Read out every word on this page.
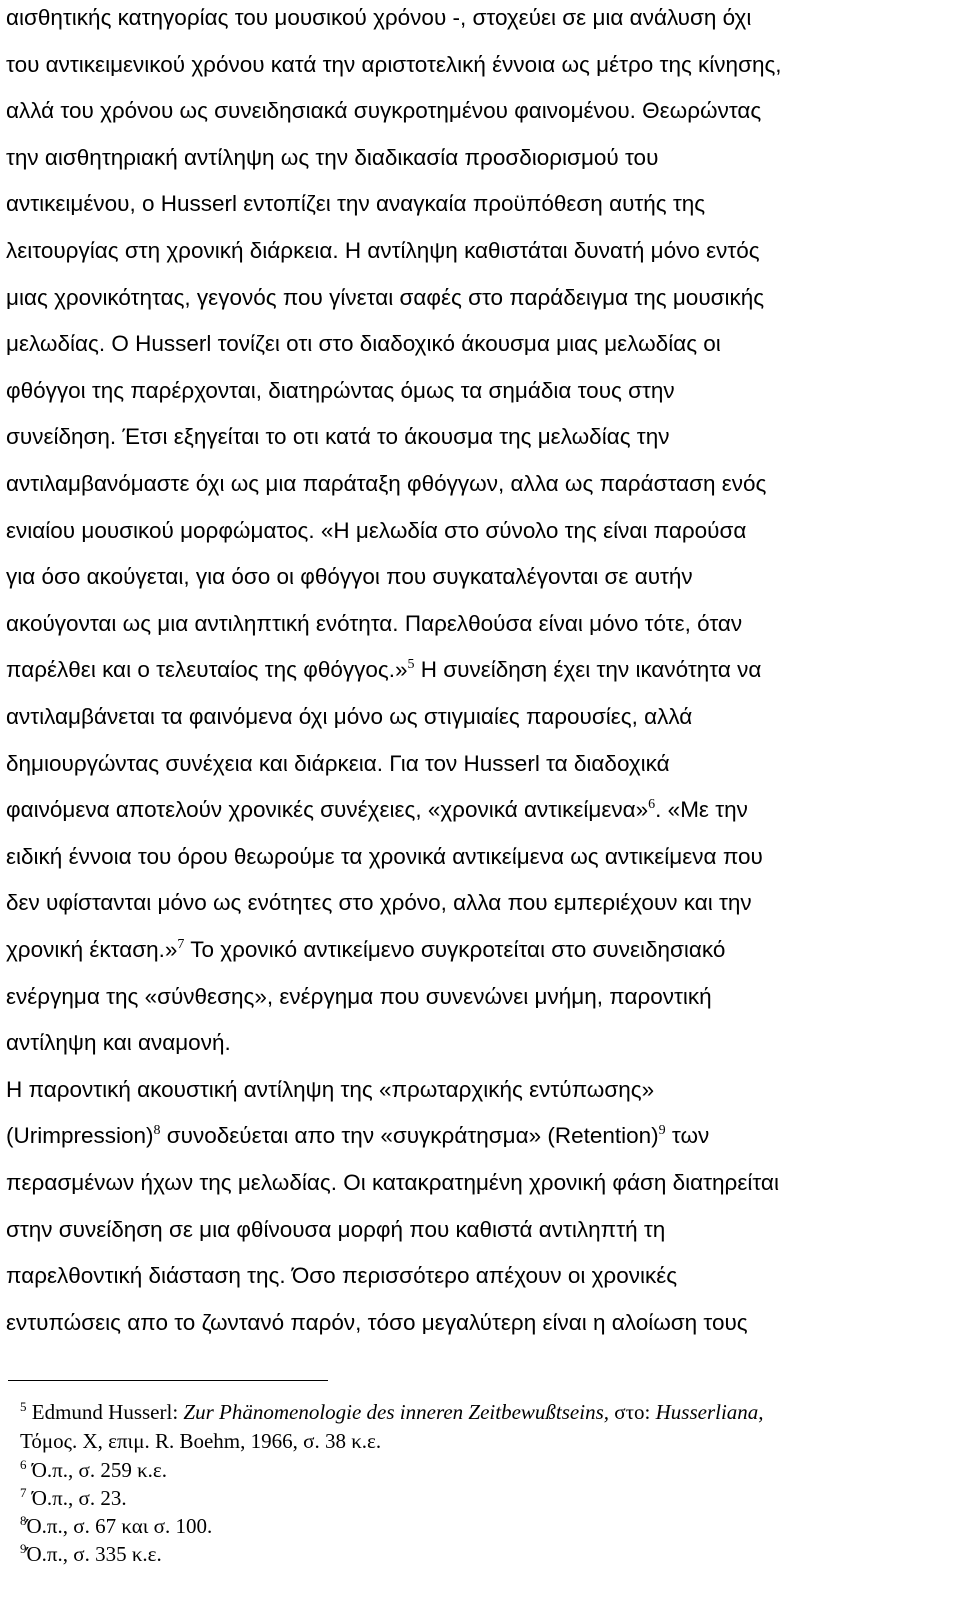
αισθητικής κατηγορίας του μουσικού χρόνου -, στοχεύει σε μια ανάλυση όχι
του αντικειμενικού χρόνου κατά την αριστοτελική έννοια ως μέτρο της κίνησης,
αλλά του χρόνου ως συνειδησιακά συγκροτημένου φαινομένου. Θεωρώντας
την αισθητηριακή αντίληψη ως την διαδικασία προσδιορισμού του
αντικειμένου, ο Husserl εντοπίζει την αναγκαία προϋπόθεση αυτής της
λειτουργίας στη χρονική διάρκεια. Η αντίληψη καθιστάται δυνατή μόνο εντός
μιας χρονικότητας, γεγονός που γίνεται σαφές στο παράδειγμα της μουσικής
μελωδίας. Ο Husserl τονίζει οτι στο διαδοχικό άκουσμα μιας μελωδίας οι
φθόγγοι της παρέρχονται, διατηρώντας όμως τα σημάδια τους στην
συνείδηση. Έτσι εξηγείται το οτι κατά το άκουσμα της μελωδίας την
αντιλαμβανόμαστε όχι ως μια παράταξη φθόγγων, αλλα ως παράσταση ενός
ενιαίου μουσικού μορφώματος. «Η μελωδία στο σύνολο της είναι παρούσα
για όσο ακούγεται, για όσο οι φθόγγοι που συγκαταλέγονται σε αυτήν
ακούγονται ως μια αντιληπτική ενότητα. Παρελθούσα είναι μόνο τότε, όταν
παρέλθει και ο τελευταίος της φθόγγος.»$^5$ Η συνείδηση έχει την ικανότητα να
αντιλαμβάνεται τα φαινόμενα όχι μόνο ως στιγμιαίες παρουσίες, αλλά
δημιουργώντας συνέχεια και διάρκεια. Για τον Husserl τα διαδοχικά
φαινόμενα αποτελούν χρονικές συνέχειες, «χρονικά αντικείμενα»$^6$. «Με την
ειδική έννοια του όρου θεωρούμε τα χρονικά αντικείμενα ως αντικείμενα που
δεν υφίστανται μόνο ως ενότητες στο χρόνο, αλλα που εμπεριέχουν και την
χρονική έκταση.»$^7$ Το χρονικό αντικείμενο συγκροτείται στο συνειδησιακό
ενέργημα της «σύνθεσης», ενέργημα που συνενώνει μνήμη, παροντική
αντίληψη και αναμονή.
Η παροντική ακουστική αντίληψη της «πρωταρχικής εντύπωσης»
(Urimpression)$^8$ συνοδεύεται απο την «συγκράτησμα» (Retention)$^9$ των
περασμένων ήχων της μελωδίας. Οι κατακρατημένη χρονική φάση διατηρείται
στην συνείδηση σε μια φθίνουσα μορφή που καθιστά αντιληπτή τη
παρελθοντική διάσταση της. Όσο περισσότερο απέχουν οι χρονικές
εντυπώσεις απο το ζωντανό παρόν, τόσο μεγαλύτερη είναι η αλοίωση τους
$^5$ Edmund Husserl: Zur Phänomenologie des inneren Zeitbewußtseins, στο: Husserliana,
Τόμος. X, επιμ. R. Boehm, 1966, σ. 38 κ.ε.
$^6$ Ό.π., σ. 259 κ.ε.
$^7$ Ό.π., σ. 23.
$^8$Ό.π., σ. 67 και σ. 100.
$^9$Ό.π., σ. 335 κ.ε.
